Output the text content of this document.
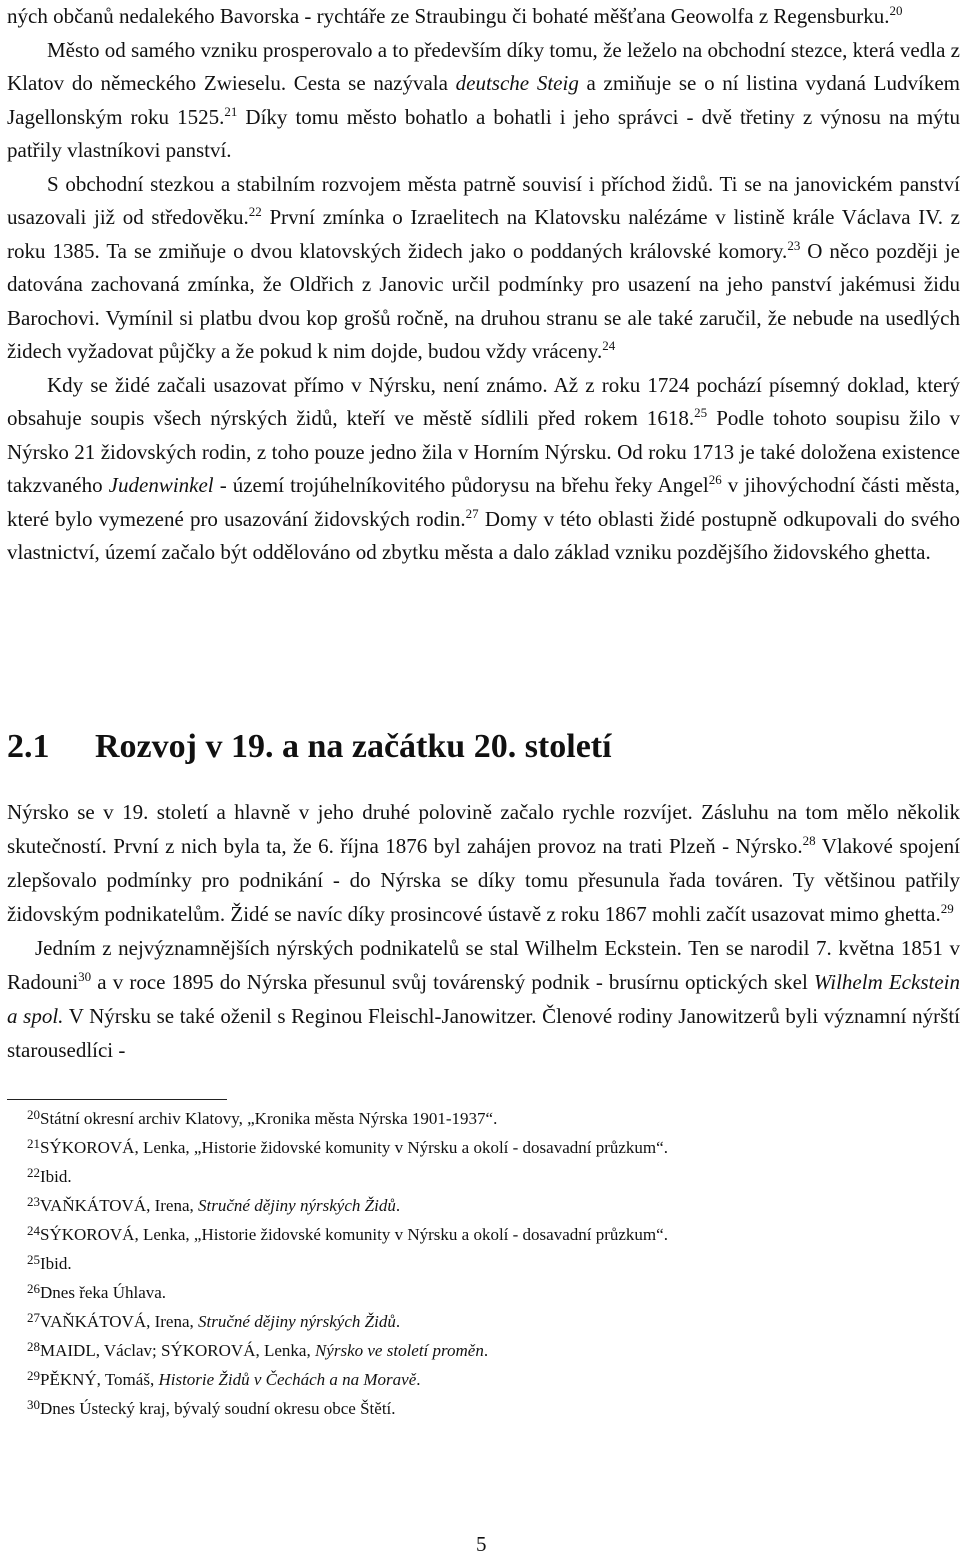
ných občanů nedalekého Bavorska - rychtáře ze Straubingu či bohaté měšťana Geowolfa z Regensburku.$^{20}$

Město od samého vzniku prosperovalo a to především díky tomu, že leželo na obchodní stezce, která vedla z Klatov do německého Zwieselu. Cesta se nazývala deutsche Steig a zmiňuje se o ní listina vydaná Ludvíkem Jagellonským roku 1525.21 Díky tomu město bohatlo a bohatli i jeho správci - dvě třetiny z výnosu na mýtu patřily vlastníkovi panství.

S obchodní stezkou a stabilním rozvojem města patrně souvisí i příchod židů. Ti se na janovickém panství usazovali již od středověku.$^{22}$ První zmínka o Izraelitech na Klatovsku nalézáme v listině krále Václava IV. z roku 1385. Ta se zmiňuje o dvou klatovských židech jako o poddaných královské komory.$^{23}$ O něco později je datována zachovaná zmínka, že Oldřich z Janovic určil podmínky pro usazení na jeho panství jakémusi židu Barochovi. Vymínil si platbu dvou kop grošů ročně, na druhou stranu se ale také zaručil, že nebude na usedlých židech vyžadovat půjčky a že pokud k nim dojde, budou vždy vráceny.$^{24}$

Kdy se židé začali usazovat přímo v Nýrsku, není známo. Až z roku 1724 pochází písemný doklad, který obsahuje soupis všech nýrských židů, kteří ve městě sídlili před rokem 1618.25 Podle tohoto soupisu žilo v Nýrsko 21 židovských rodin, z toho pouze jedno žila v Horním Nýrsku. Od roku 1713 je také doložena existence takzvaného Judenwinkel - území trojúhelníkovitého půdorysu na břehu řeky Angel$^{26}$ v jihovýchodní části města, které bylo vymezené pro usazování židovských rodin.$^{27}$ Domy v této oblasti židé postupně odkupovali do svého vlastnictví, území začalo být oddělováno od zbytku města a dalo základ vzniku pozdějšího židovského ghetta.

2.1 Rozvoj v 19. a na začátku 20. století

Nýrsko se v 19. století a hlavně v jeho druhé polovině začalo rychle rozvíjet. Zásluhu na tom mělo několik skutečností. První z nich byla ta, že 6. října 1876 byl zahájen provoz na trati Plzeň - Nýrsko.$^{28}$ Vlakové spojení zlepšovalo podmínky pro podnikání - do Nýrska se díky tomu přesunula řada továren. Ty většinou patřily židovským podnikatelům. Židé se navíc díky prosincové ústavě z roku 1867 mohli začít usazovat mimo ghetta.$^{29}$

Jedním z nejvýznamnějších nýrských podnikatelů se stal Wilhelm Eckstein. Ten se narodil 7. května 1851 v Radouni$^{30}$ a v roce 1895 do Nýrska přesunul svůj továrenský podnik - brusírnu optických skel Wilhelm Eckstein a spol. V Nýrsku se také oženil s Reginou Fleischl-Janowitzer. Členové rodiny Janowitzerů byli významní nýrští starousedlíci -

$^{20}$Státní okresní archiv Klatovy, „Kronika města Nýrska 1901-1937“.
$^{21}$SÝKOROVÁ, Lenka, „Historie židovské komunity v Nýrsku a okolí - dosavadní průzkum“.
$^{22}$Ibid.
$^{23}$VAŇKÁTOVÁ, Irena, Stručné dějiny nýrských Židů.
$^{24}$SÝKOROVÁ, Lenka, „Historie židovské komunity v Nýrsku a okolí - dosavadní průzkum“.
$^{25}$Ibid.
$^{26}$Dnes řeka Úhlava.
$^{27}$VAŇKÁTOVÁ, Irena, Stručné dějiny nýrských Židů.
$^{28}$MAIDL, Václav; SÝKOROVÁ, Lenka, Nýrsko ve století proměn.
$^{29}$PĚKNÝ, Tomáš, Historie Židů v Čechách a na Moravě.
$^{30}$Dnes Ústecký kraj, bývalý soudní okresu obce Štětí.
5
